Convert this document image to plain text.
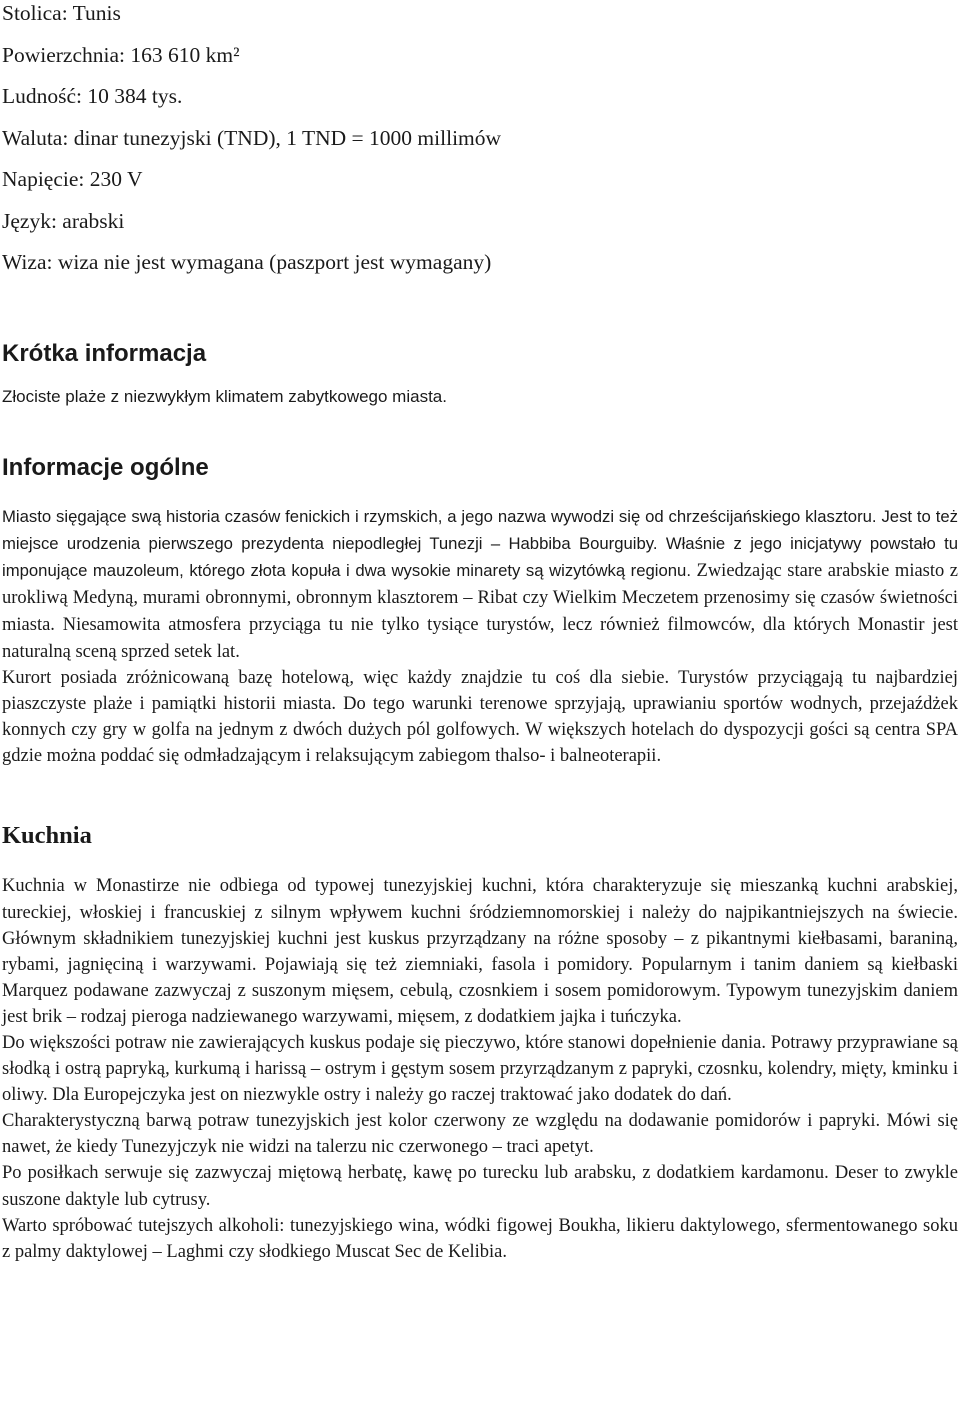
Stolica: Tunis
Powierzchnia: 163 610 km²
Ludność: 10 384 tys.
Waluta: dinar tunezyjski (TND), 1 TND = 1000 millimów
Napięcie: 230 V
Język: arabski
Wiza: wiza nie jest wymagana (paszport jest wymagany)
Krótka informacja

Złociste plaże z niezwykłym klimatem zabytkowego miasta.

Informacje ogólne

Miasto sięgające swą historia czasów fenickich i rzymskich, a jego nazwa wywodzi się od chrześcijańskiego klasztoru. Jest to też miejsce urodzenia pierwszego prezydenta niepodległej Tunezji – Habbiba Bourguiby. Właśnie z jego inicjatywy powstało tu imponujące mauzoleum, którego złota kopuła i dwa wysokie minarety są wizytówką regionu. Zwiedzając stare arabskie miasto z urokliwą Medyną, murami obronnymi, obronnym klasztorem – Ribat czy Wielkim Meczetem przenosimy się czasów świetności miasta. Niesamowita atmosfera przyciąga tu nie tylko tysiące turystów, lecz również filmowców, dla których Monastir jest naturalną sceną sprzed setek lat.

Kurort posiada zróżnicowaną bazę hotelową, więc każdy znajdzie tu coś dla siebie. Turystów przyciągają tu najbardziej piaszczyste plaże i pamiątki historii miasta. Do tego warunki terenowe sprzyjają, uprawianiu sportów wodnych, przejaźdżek konnych czy gry w golfa na jednym z dwóch dużych pól golfowych. W większych hotelach do dyspozycji gości są centra SPA gdzie można poddać się odmładzającym i relaksującym zabiegom thalso- i balneoterapii.

Kuchnia

Kuchnia w Monastirze nie odbiega od typowej tunezyjskiej kuchni, która charakteryzuje się mieszanką kuchni arabskiej, tureckiej, włoskiej i francuskiej z silnym wpływem kuchni śródziemnomorskiej i należy do najpikantniejszych na świecie. Głównym składnikiem tunezyjskiej kuchni jest kuskus przyrządzany na różne sposoby – z pikantnymi kiełbasami, baraniną, rybami, jagnięciną i warzywami. Pojawiają się też ziemniaki, fasola i pomidory. Popularnym i tanim daniem są kiełbaski Marquez podawane zazwyczaj z suszonym mięsem, cebulą, czosnkiem i sosem pomidorowym. Typowym tunezyjskim daniem jest brik – rodzaj pieroga nadziewanego warzywami, mięsem, z dodatkiem jajka i tuńczyka.

Do większości potraw nie zawierających kuskus podaje się pieczywo, które stanowi dopełnienie dania. Potrawy przyprawiane są słodką i ostrą papryką, kurkumą i harissą – ostrym i gęstym sosem przyrządzanym z papryki, czosnku, kolendry, mięty, kminku i oliwy. Dla Europejczyka jest on niezwykle ostry i należy go raczej traktować jako dodatek do dań.

Charakterystyczną barwą potraw tunezyjskich jest kolor czerwony ze względu na dodawanie pomidorów i papryki. Mówi się nawet, że kiedy Tunezyjczyk nie widzi na talerzu nic czerwonego – traci apetyt.

Po posiłkach serwuje się zazwyczaj miętową herbatę, kawę po turecku lub arabsku, z dodatkiem kardamonu. Deser to zwykle suszone daktyle lub cytrusy.

Warto spróbować tutejszych alkoholi: tunezyjskiego wina, wódki figowej Boukha, likieru daktylowego, sfermentowanego soku z palmy daktylowej – Laghmi czy słodkiego Muscat Sec de Kelibia.
